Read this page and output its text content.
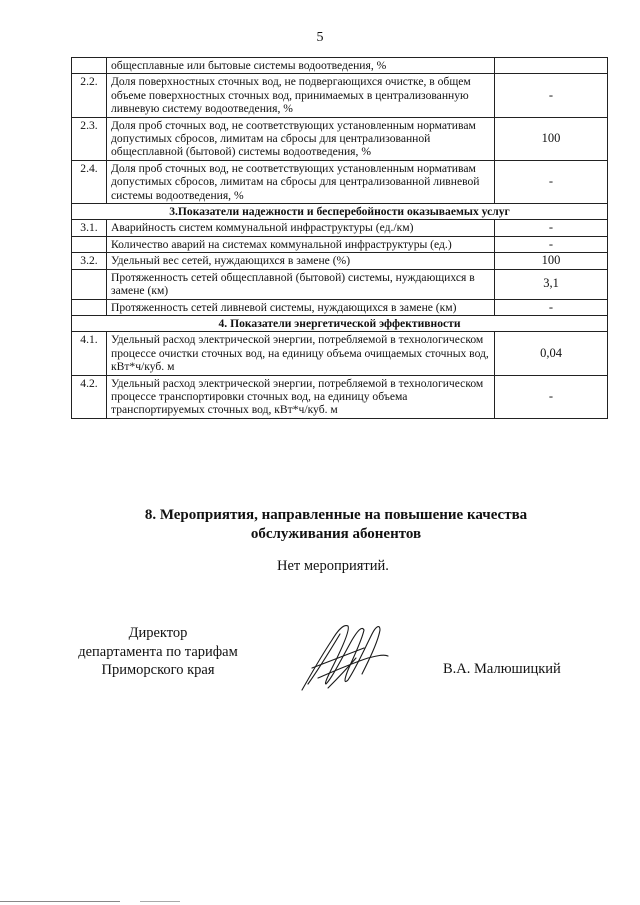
5
	общесплавные или бытовые системы водоотведения, %	
2.2.	Доля поверхностных сточных вод, не подвергающихся очистке, в общем объеме поверхностных сточных вод, принимаемых в централизованную ливневую систему водоотведения, %	-
2.3.	Доля проб сточных вод, не соответствующих установленным нормативам допустимых сбросов, лимитам на сбросы для централизованной общесплавной (бытовой) системы водоотведения, %	100
2.4.	Доля проб сточных вод, не соответствующих установленным нормативам допустимых сбросов, лимитам на сбросы для централизованной ливневой системы водоотведения, %	-
3.Показатели надежности и бесперебойности оказываемых услуг		
3.1.	Аварийность систем коммунальной инфраструктуры (ед./км)	-
	Количество аварий на системах коммунальной инфраструктуры (ед.)	-
3.2.	Удельный вес сетей, нуждающихся в замене (%)	100
	Протяженность сетей общесплавной (бытовой) системы, нуждающихся в замене (км)	3,1
	Протяженность сетей ливневой системы, нуждающихся в замене (км)	-
4. Показатели энергетической эффективности		
4.1.	Удельный расход электрической энергии, потребляемой в технологическом процессе очистки сточных вод, на единицу объема очищаемых сточных вод, кВт*ч/куб. м	0,04
4.2.	Удельный расход электрической энергии, потребляемой в технологическом процессе транспортировки сточных вод, на единицу объема транспортируемых сточных вод, кВт*ч/куб. м	-
8. Мероприятия, направленные на повышение качества
обслуживания абонентов
Нет мероприятий.
Директор
департамента по тарифам
Приморского края	В.А. Малюшицкий
